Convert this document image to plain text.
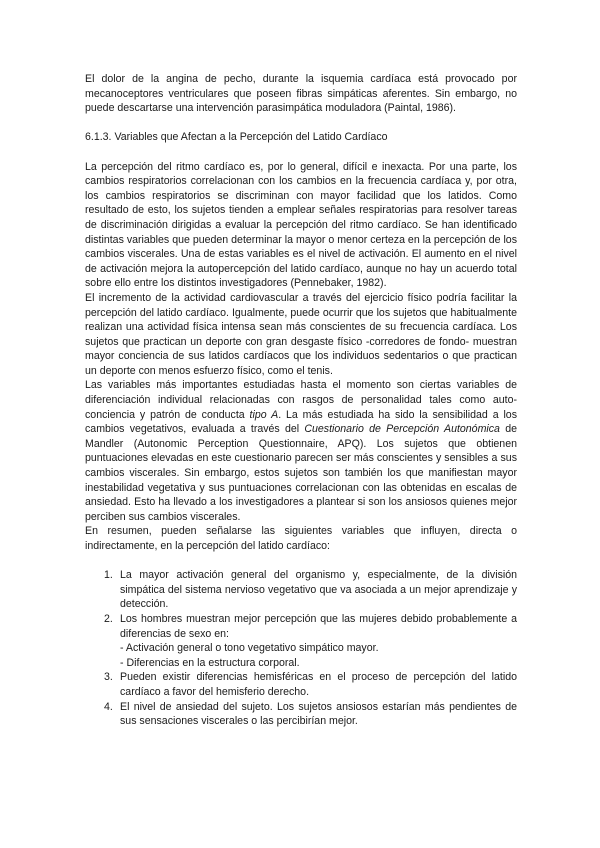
El dolor de la angina de pecho, durante la isquemia cardíaca está provocado por mecanoceptores ventriculares que poseen fibras simpáticas aferentes. Sin embargo, no puede descartarse una intervención parasimpática moduladora (Paintal, 1986).

6.1.3. Variables que Afectan a la Percepción del Latido Cardíaco

La percepción del ritmo cardíaco es, por lo general, difícil e inexacta. Por una parte, los cambios respiratorios correlacionan con los cambios en la frecuencia cardíaca y, por otra, los cambios respiratorios se discriminan con mayor facilidad que los latidos. Como resultado de esto, los sujetos tienden a emplear señales respiratorias para resolver tareas de discriminación dirigidas a evaluar la percepción del ritmo cardíaco. Se han identificado distintas variables que pueden determinar la mayor o menor certeza en la percepción de los cambios viscerales. Una de estas variables es el nivel de activación. El aumento en el nivel de activación mejora la autopercepción del latido cardíaco, aunque no hay un acuerdo total sobre ello entre los distintos investigadores (Pennebaker, 1982).

El incremento de la actividad cardiovascular a través del ejercicio físico podría facilitar la percepción del latido cardíaco. Igualmente, puede ocurrir que los sujetos que habitualmente realizan una actividad física intensa sean más conscientes de su frecuencia cardíaca. Los sujetos que practican un deporte con gran desgaste físico -corredores de fondo- muestran mayor conciencia de sus latidos cardíacos que los individuos sedentarios o que practican un deporte con menos esfuerzo físico, como el tenis.

Las variables más importantes estudiadas hasta el momento son ciertas variables de diferenciación individual relacionadas con rasgos de personalidad tales como auto-conciencia y patrón de conducta tipo A. La más estudiada ha sido la sensibilidad a los cambios vegetativos, evaluada a través del Cuestionario de Percepción Autonómica de Mandler (Autonomic Perception Questionnaire, APQ). Los sujetos que obtienen puntuaciones elevadas en este cuestionario parecen ser más conscientes y sensibles a sus cambios viscerales. Sin embargo, estos sujetos son también los que manifiestan mayor inestabilidad vegetativa y sus puntuaciones correlacionan con las obtenidas en escalas de ansiedad. Esto ha llevado a los investigadores a plantear si son los ansiosos quienes mejor perciben sus cambios viscerales.

En resumen, pueden señalarse las siguientes variables que influyen, directa o indirectamente, en la percepción del latido cardíaco:

1. La mayor activación general del organismo y, especialmente, de la división simpática del sistema nervioso vegetativo que va asociada a un mejor aprendizaje y detección.
2. Los hombres muestran mejor percepción que las mujeres debido probablemente a diferencias de sexo en:
- Activación general o tono vegetativo simpático mayor.
- Diferencias en la estructura corporal.
3. Pueden existir diferencias hemisféricas en el proceso de percepción del latido cardíaco a favor del hemisferio derecho.
4. El nivel de ansiedad del sujeto. Los sujetos ansiosos estarían más pendientes de sus sensaciones viscerales o las percibirían mejor.
